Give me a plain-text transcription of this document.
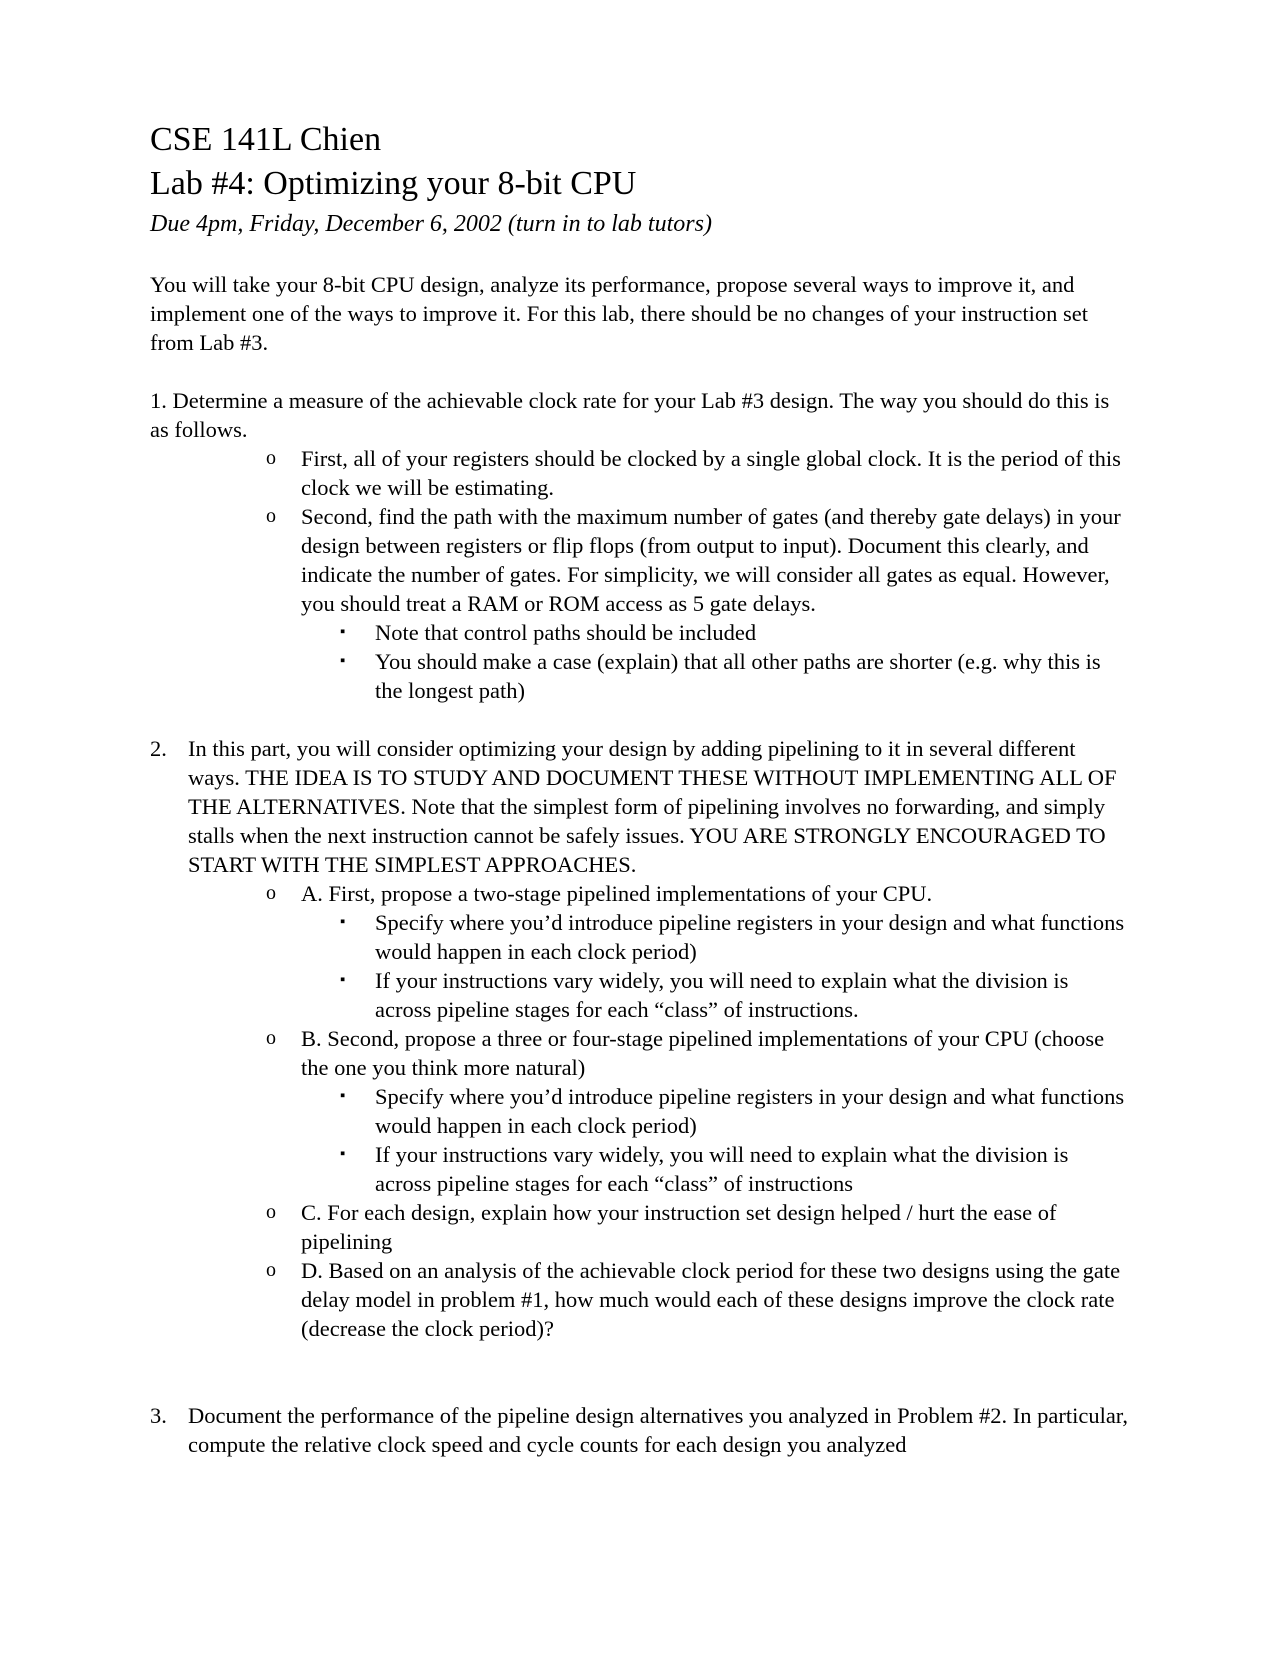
CSE 141L Chien
Lab #4: Optimizing your 8-bit CPU

Due 4pm, Friday, December 6, 2002 (turn in to lab tutors)

You will take your 8-bit CPU design, analyze its performance, propose several ways to improve it, and implement one of the ways to improve it. For this lab, there should be no changes of your instruction set from Lab #3.

1. Determine a measure of the achievable clock rate for your Lab #3 design. The way you should do this is as follows.

o First, all of your registers should be clocked by a single global clock. It is the period of this clock we will be estimating.
o Second, find the path with the maximum number of gates (and thereby gate delays) in your design between registers or flip flops (from output to input). Document this clearly, and indicate the number of gates. For simplicity, we will consider all gates as equal. However, you should treat a RAM or ROM access as 5 gate delays.
▪ Note that control paths should be included
▪ You should make a case (explain) that all other paths are shorter (e.g. why this is the longest path)
2. In this part, you will consider optimizing your design by adding pipelining to it in several different ways. THE IDEA IS TO STUDY AND DOCUMENT THESE WITHOUT IMPLEMENTING ALL OF THE ALTERNATIVES. Note that the simplest form of pipelining involves no forwarding, and simply stalls when the next instruction cannot be safely issues. YOU ARE STRONGLY ENCOURAGED TO START WITH THE SIMPLEST APPROACHES.
o A. First, propose a two-stage pipelined implementations of your CPU.
▪ Specify where you’d introduce pipeline registers in your design and what functions would happen in each clock period)
▪ If your instructions vary widely, you will need to explain what the division is across pipeline stages for each “class” of instructions.
o B. Second, propose a three or four-stage pipelined implementations of your CPU (choose the one you think more natural)
▪ Specify where you’d introduce pipeline registers in your design and what functions would happen in each clock period)
▪ If your instructions vary widely, you will need to explain what the division is across pipeline stages for each “class” of instructions
o C. For each design, explain how your instruction set design helped / hurt the ease of pipelining
o D. Based on an analysis of the achievable clock period for these two designs using the gate delay model in problem #1, how much would each of these designs improve the clock rate (decrease the clock period)?
3. Document the performance of the pipeline design alternatives you analyzed in Problem #2. In particular, compute the relative clock speed and cycle counts for each design you analyzed
